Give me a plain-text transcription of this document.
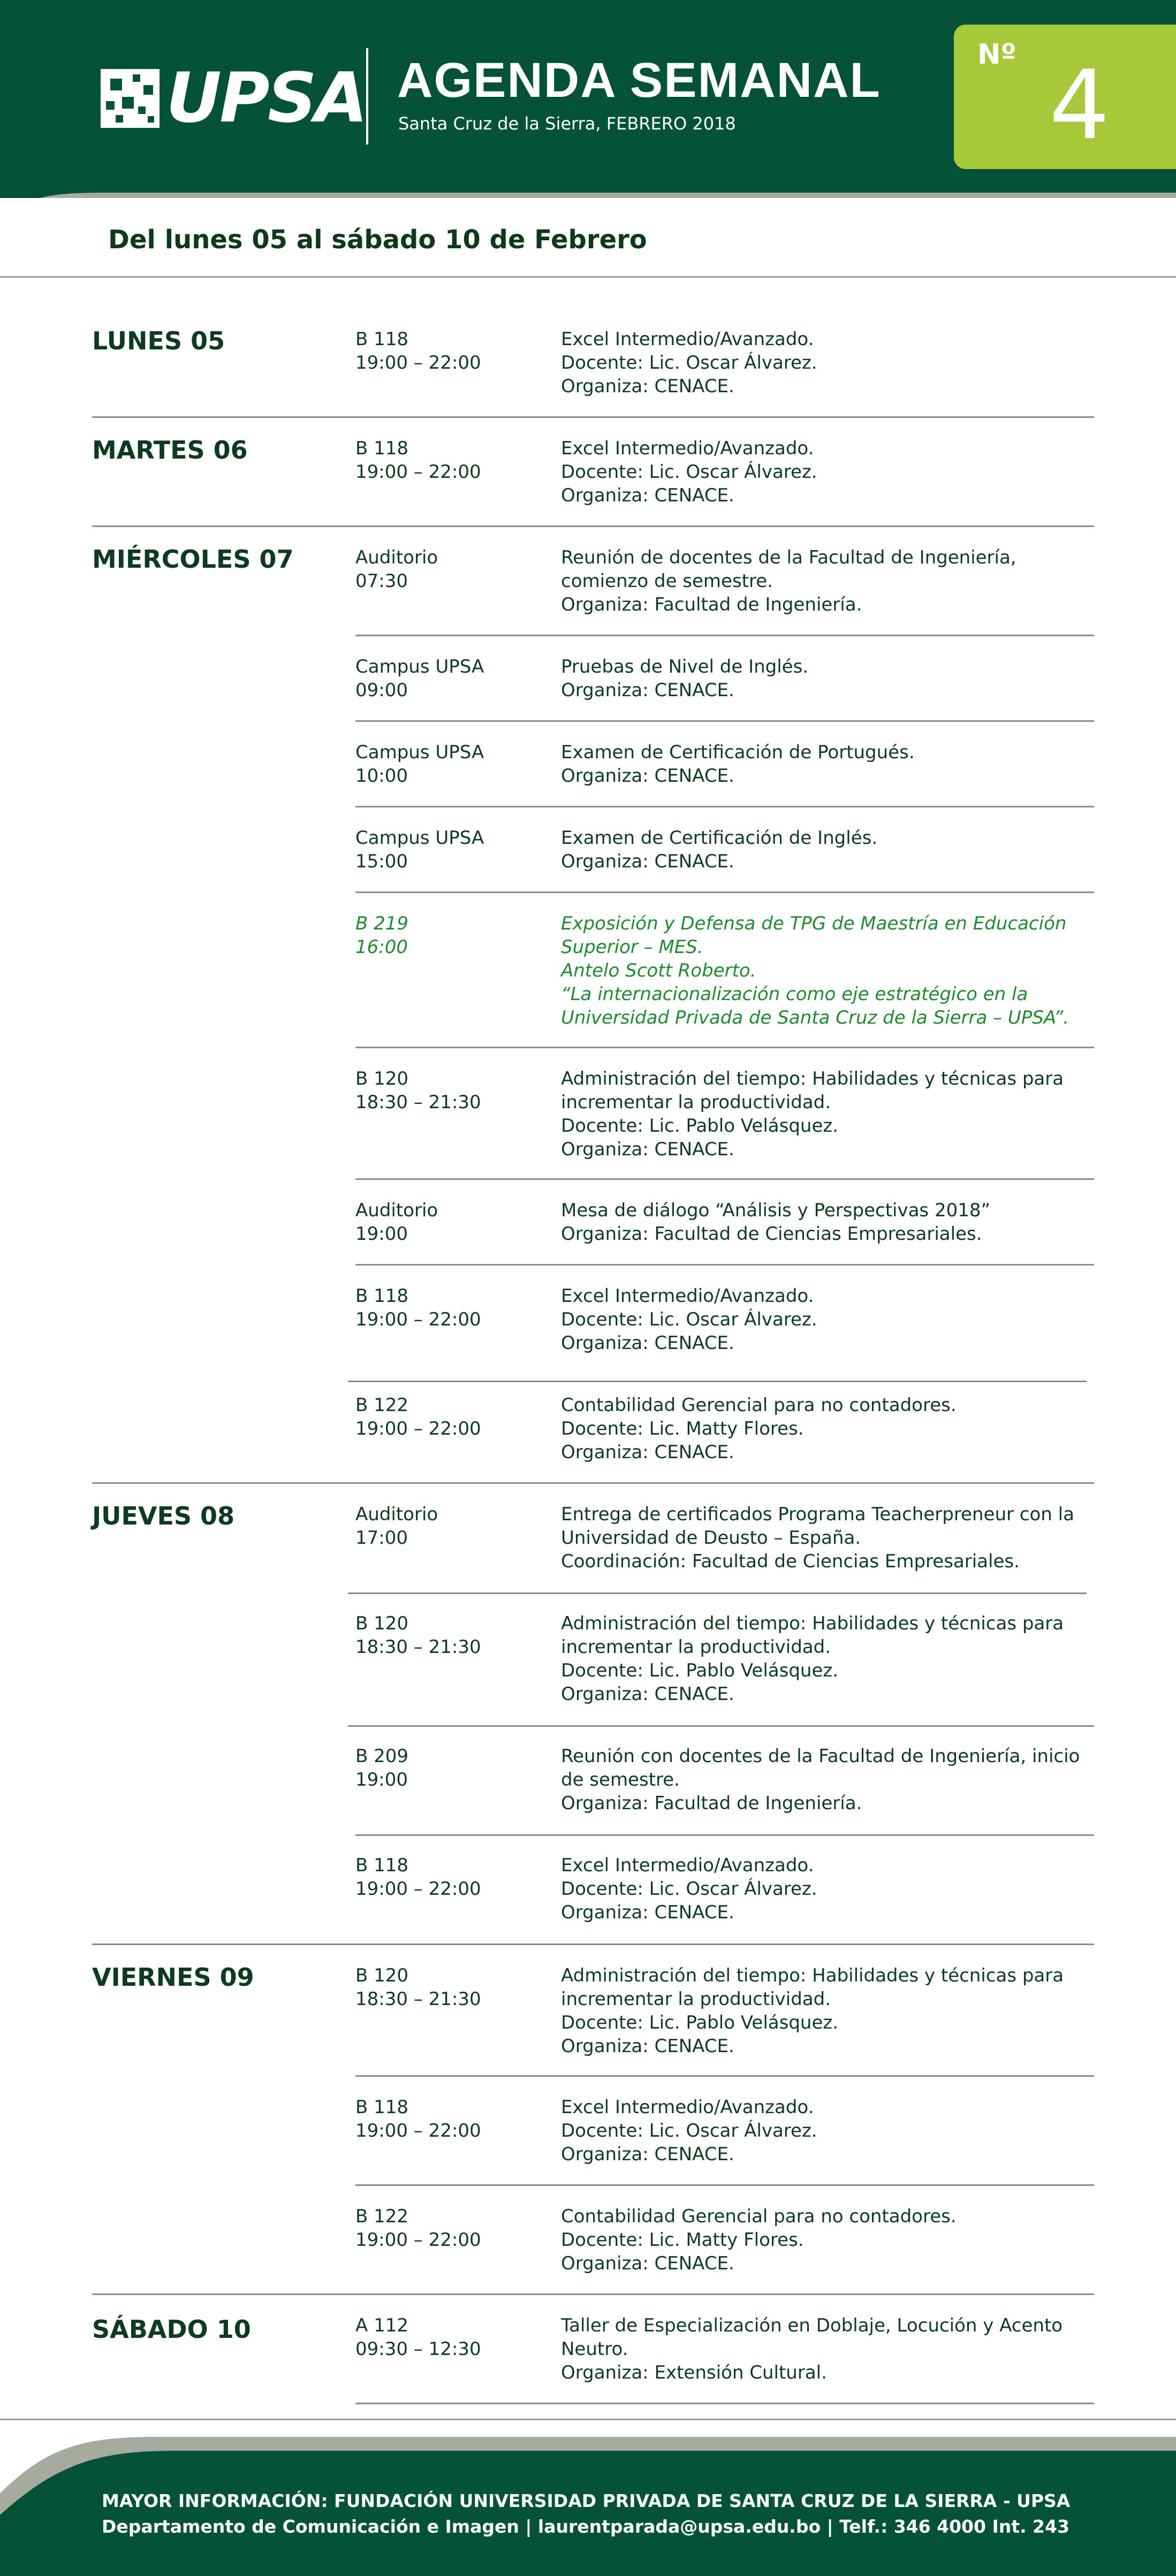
UPSA AGENDA SEMANAL
Santa Cruz de la Sierra, FEBRERO 2018
Nº 4
Del lunes 05 al sábado 10 de Febrero
LUNES 05
MARTES 06
MIÉRCOLES 07
JUEVES 08
VIERNES 09
SÁBADO 10
B 118
19:00 – 22:00
Excel Intermedio/Avanzado.
Docente: Lic. Oscar Álvarez.
Organiza: CENACE.
B 118
19:00 – 22:00
Excel Intermedio/Avanzado.
Docente: Lic. Oscar Álvarez.
Organiza: CENACE.
Auditorio
07:30
Reunión de docentes de la Facultad de Ingeniería,
comienzo de semestre.
Organiza: Facultad de Ingeniería.
Campus UPSA
09:00
Pruebas de Nivel de Inglés.
Organiza: CENACE.
Campus UPSA
10:00
Examen de Certificación de Portugués.
Organiza: CENACE.
Campus UPSA
15:00
Examen de Certificación de Inglés.
Organiza: CENACE.
B 219
16:00
Exposición y Defensa de TPG de Maestría en Educación
Superior – MES.
Antelo Scott Roberto.
“La internacionalización como eje estratégico en la
Universidad Privada de Santa Cruz de la Sierra – UPSA”.
B 120
18:30 – 21:30
Administración del tiempo: Habilidades y técnicas para
incrementar la productividad.
Docente: Lic. Pablo Velásquez.
Organiza: CENACE.
Auditorio
19:00
Mesa de diálogo “Análisis y Perspectivas 2018”
Organiza: Facultad de Ciencias Empresariales.
B 118
19:00 – 22:00
Excel Intermedio/Avanzado.
Docente: Lic. Oscar Álvarez.
Organiza: CENACE.
B 122
19:00 – 22:00
Contabilidad Gerencial para no contadores.
Docente: Lic. Matty Flores.
Organiza: CENACE.
Auditorio
17:00
Entrega de certificados Programa Teacherpreneur con la
Universidad de Deusto – España.
Coordinación: Facultad de Ciencias Empresariales.
B 120
18:30 – 21:30
Administración del tiempo: Habilidades y técnicas para
incrementar la productividad.
Docente: Lic. Pablo Velásquez.
Organiza: CENACE.
B 209
19:00
Reunión con docentes de la Facultad de Ingeniería, inicio
de semestre.
Organiza: Facultad de Ingeniería.
B 118
19:00 – 22:00
Excel Intermedio/Avanzado.
Docente: Lic. Oscar Álvarez.
Organiza: CENACE.
B 120
18:30 – 21:30
Administración del tiempo: Habilidades y técnicas para
incrementar la productividad.
Docente: Lic. Pablo Velásquez.
Organiza: CENACE.
B 118
19:00 – 22:00
Excel Intermedio/Avanzado.
Docente: Lic. Oscar Álvarez.
Organiza: CENACE.
B 122
19:00 – 22:00
Contabilidad Gerencial para no contadores.
Docente: Lic. Matty Flores.
Organiza: CENACE.
A 112
09:30 – 12:30
Taller de Especialización en Doblaje, Locución y Acento
Neutro.
Organiza: Extensión Cultural.
MAYOR INFORMACIÓN: FUNDACIÓN UNIVERSIDAD PRIVADA DE SANTA CRUZ DE LA SIERRA - UPSA
Departamento de Comunicación e Imagen | laurentparada@upsa.edu.bo | Telf.: 346 4000 Int. 243
